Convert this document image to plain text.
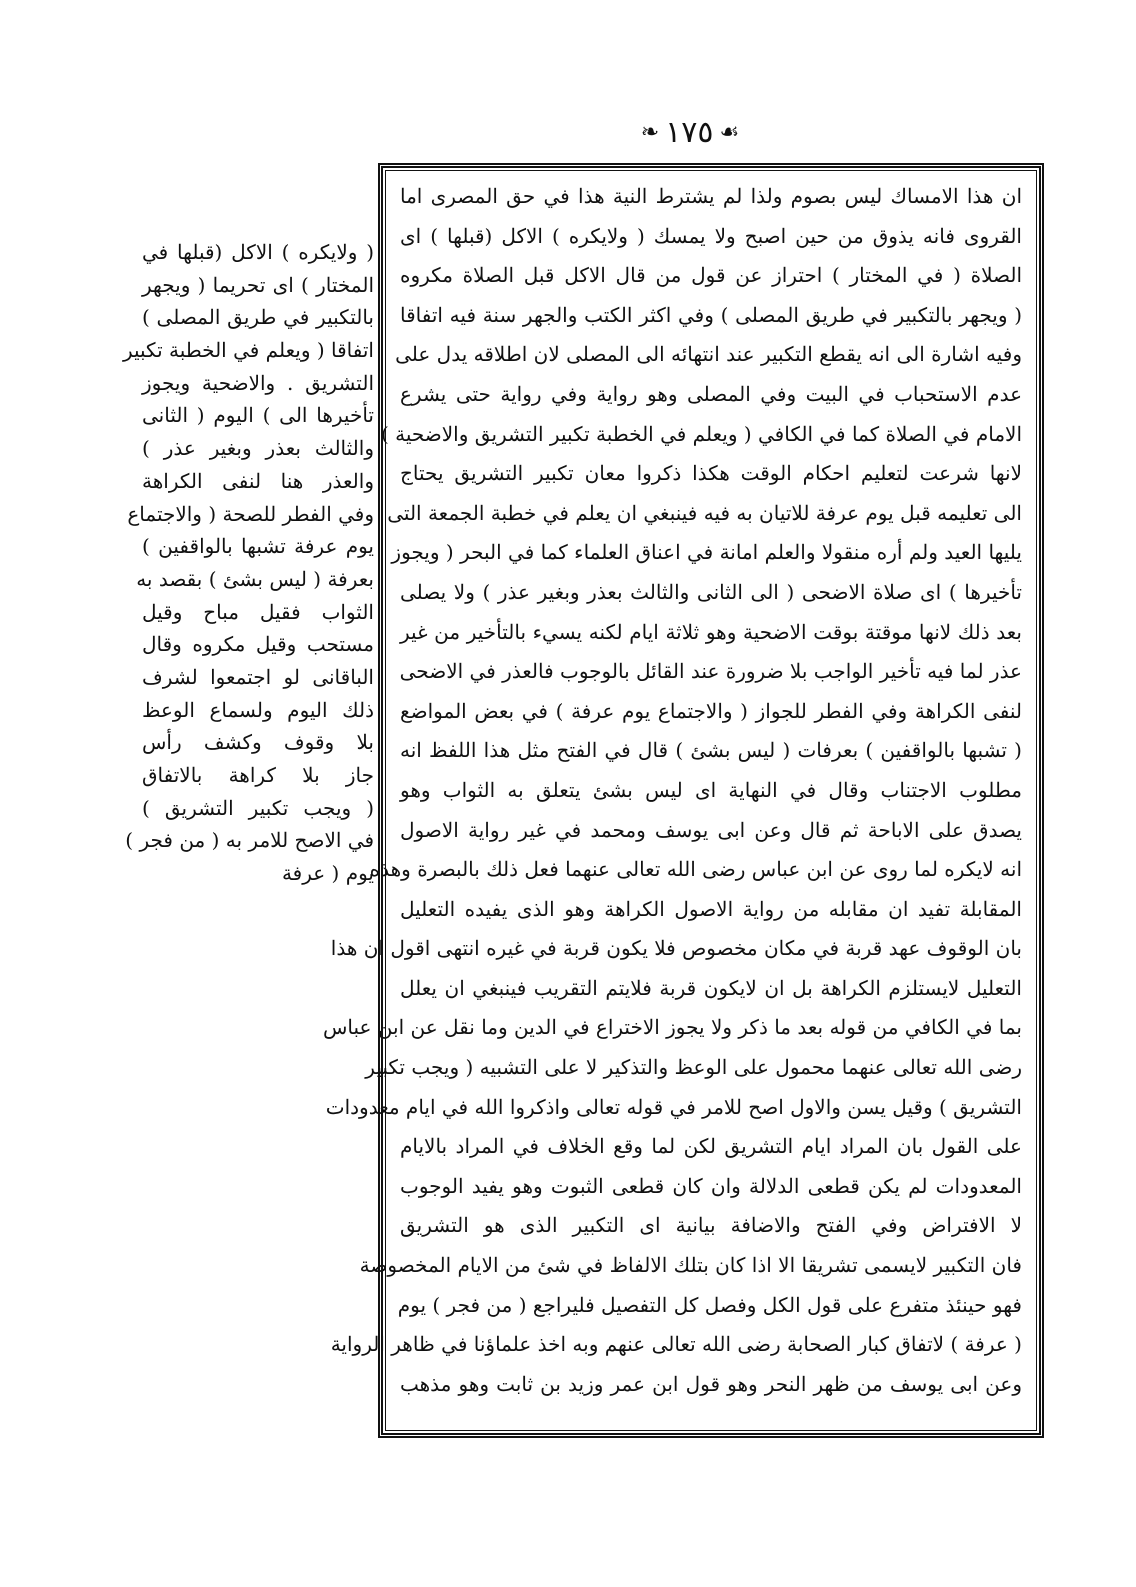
☙١٧٥❧
( ولايكره ) الاكل (قبلها في
المختار ) اى تحريما ( ويجهر
بالتكبير في طريق المصلى )
اتفاقا ( ويعلم في الخطبة تكبير
التشريق . والاضحية ويجوز
تأخيرها الى ) اليوم ( الثانى
والثالث بعذر وبغير عذر )
والعذر هنا لنفى الكراهة
وفي الفطر للصحة ( والاجتماع
يوم عرفة تشبها بالواقفين )
بعرفة ( ليس بشئ ) بقصد به
الثواب فقيل مباح وقيل
مستحب وقيل مكروه وقال
الباقانى لو اجتمعوا لشرف
ذلك اليوم ولسماع الوعظ
بلا وقوف وكشف رأس
جاز بلا كراهة بالاتفاق
( ويجب تكبير التشريق )
في الاصح للامر به ( من فجر )
يوم ( عرفة
ان هذا الامساك ليس بصوم ولذا لم يشترط النية هذا في حق المصرى اما
القروى فانه يذوق من حين اصبح ولا يمسك ( ولايكره ) الاكل (قبلها ) اى
الصلاة ( في المختار ) احتراز عن قول من قال الاكل قبل الصلاة مكروه
( ويجهر بالتكبير في طريق المصلى ) وفي اكثر الكتب والجهر سنة فيه اتفاقا
وفيه اشارة الى انه يقطع التكبير عند انتهائه الى المصلى لان اطلاقه يدل على
عدم الاستحباب في البيت وفي المصلى وهو رواية وفي رواية حتى يشرع
الامام في الصلاة كما في الكافي ( ويعلم في الخطبة تكبير التشريق والاضحية )
لانها شرعت لتعليم احكام الوقت هكذا ذكروا معان تكبير التشريق يحتاج
الى تعليمه قبل يوم عرفة للاتيان به فيه فينبغي ان يعلم في خطبة الجمعة التى
يليها العيد ولم أره منقولا والعلم امانة في اعناق العلماء كما في البحر ( ويجوز
تأخيرها ) اى صلاة الاضحى ( الى الثانى والثالث بعذر وبغير عذر ) ولا يصلى
بعد ذلك لانها موقتة بوقت الاضحية وهو ثلاثة ايام لكنه يسيء بالتأخير من غير
عذر لما فيه تأخير الواجب بلا ضرورة عند القائل بالوجوب فالعذر في الاضحى
لنفى الكراهة وفي الفطر للجواز ( والاجتماع يوم عرفة ) في بعض المواضع
( تشبها بالواقفين ) بعرفات ( ليس بشئ ) قال في الفتح مثل هذا اللفظ انه
مطلوب الاجتناب وقال في النهاية اى ليس بشئ يتعلق به الثواب وهو
يصدق على الاباحة ثم قال وعن ابى يوسف ومحمد في غير رواية الاصول
انه لايكره لما روى عن ابن عباس رضى الله تعالى عنهما فعل ذلك بالبصرة وهذه
المقابلة تفيد ان مقابله من رواية الاصول الكراهة وهو الذى يفيده التعليل
بان الوقوف عهد قربة في مكان مخصوص فلا يكون قربة في غيره انتهى اقول ان هذا
التعليل لايستلزم الكراهة بل ان لايكون قربة فلايتم التقريب فينبغي ان يعلل
بما في الكافي من قوله بعد ما ذكر ولا يجوز الاختراع في الدين وما نقل عن ابن عباس
رضى الله تعالى عنهما محمول على الوعظ والتذكير لا على التشبيه ( ويجب تكبير
التشريق ) وقيل يسن والاول اصح للامر في قوله تعالى واذكروا الله في ايام معدودات
على القول بان المراد ايام التشريق لكن لما وقع الخلاف في المراد بالايام
المعدودات لم يكن قطعى الدلالة وان كان قطعى الثبوت وهو يفيد الوجوب
لا الافتراض وفي الفتح والاضافة بيانية اى التكبير الذى هو التشريق
فان التكبير لايسمى تشريقا الا اذا كان بتلك الالفاظ في شئ من الايام المخصوصة
فهو حينئذ متفرع على قول الكل وفصل كل التفصيل فليراجع ( من فجر ) يوم
( عرفة ) لاتفاق كبار الصحابة رضى الله تعالى عنهم وبه اخذ علماؤنا في ظاهر الرواية
وعن ابى يوسف من ظهر النحر وهو قول ابن عمر وزيد بن ثابت وهو مذهب
